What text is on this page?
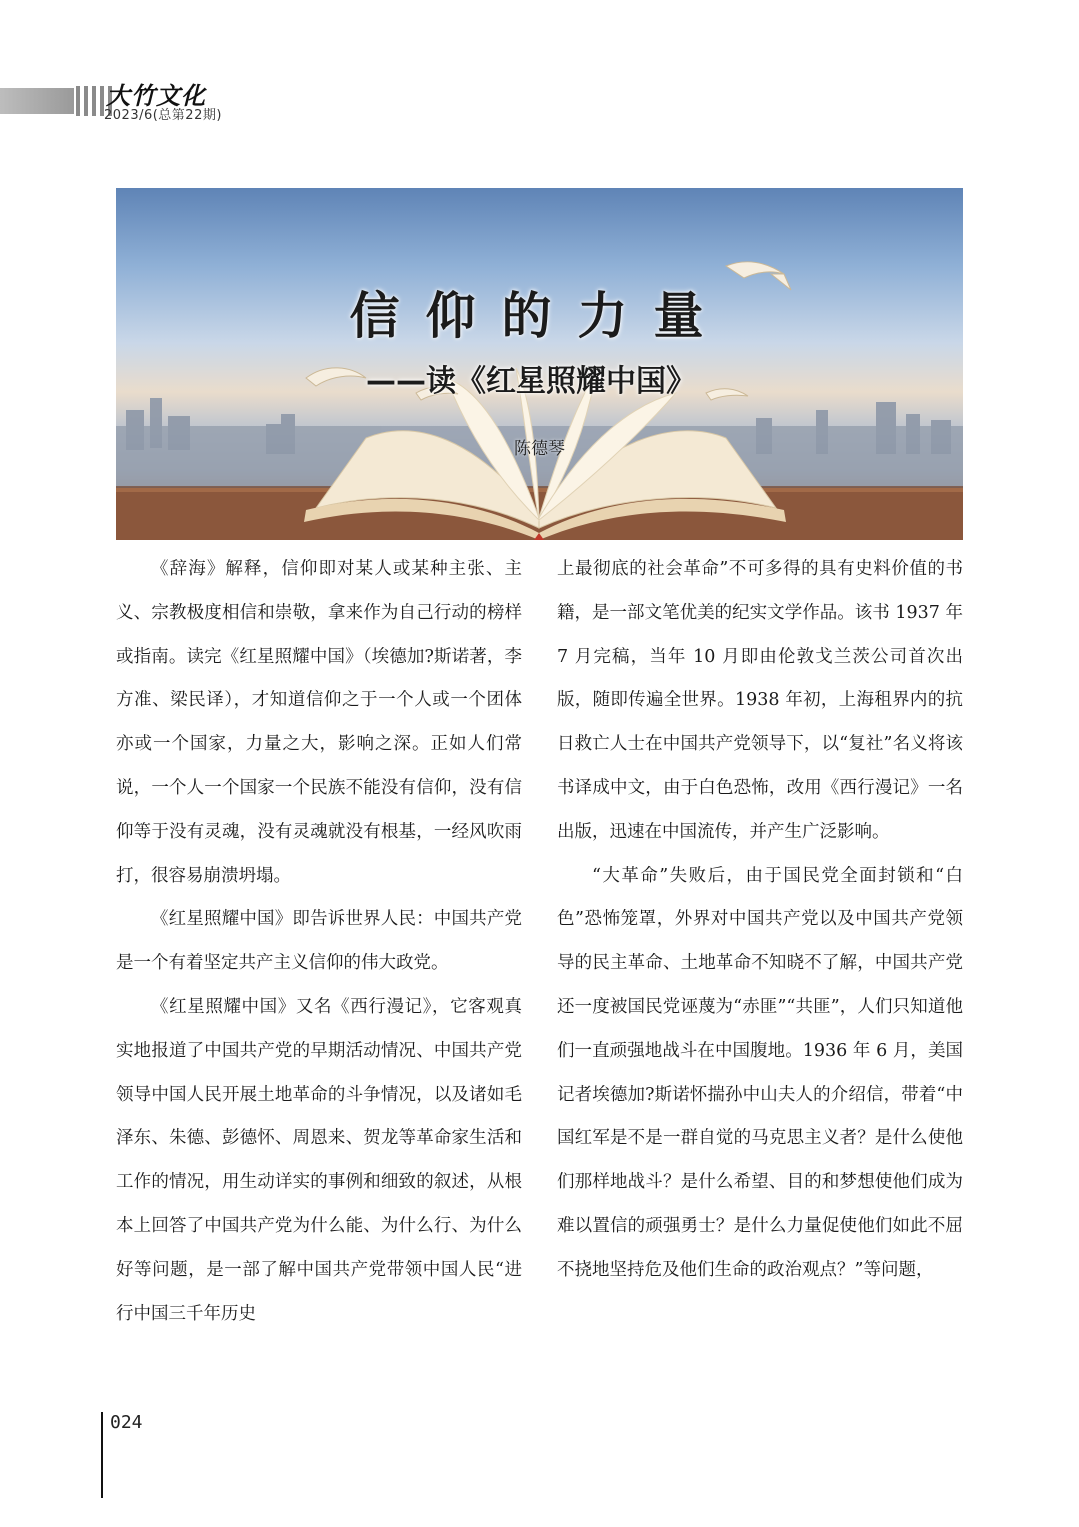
大竹文化
2023/6(总第22期)
信仰的力量
——读《红星照耀中国》
陈德琴

《辞海》解释，信仰即对某人或某种主张、主义、宗教极度相信和崇敬，拿来作为自己行动的榜样或指南。读完《红星照耀中国》（埃德加?斯诺著，李方准、梁民译），才知道信仰之于一个人或一个团体亦或一个国家，力量之大，影响之深。正如人们常说，一个人一个国家一个民族不能没有信仰，没有信仰等于没有灵魂，没有灵魂就没有根基，一经风吹雨打，很容易崩溃坍塌。

《红星照耀中国》即告诉世界人民：中国共产党是一个有着坚定共产主义信仰的伟大政党。

《红星照耀中国》又名《西行漫记》，它客观真实地报道了中国共产党的早期活动情况、中国共产党领导中国人民开展土地革命的斗争情况，以及诸如毛泽东、朱德、彭德怀、周恩来、贺龙等革命家生活和工作的情况，用生动详实的事例和细致的叙述，从根本上回答了中国共产党为什么能、为什么行、为什么好等问题，是一部了解中国共产党带领中国人民“进行中国三千年历史

上最彻底的社会革命”不可多得的具有史料价值的书籍，是一部文笔优美的纪实文学作品。该书 1937 年 7 月完稿，当年 10 月即由伦敦戈兰茨公司首次出版，随即传遍全世界。1938 年初，上海租界内的抗日救亡人士在中国共产党领导下，以“复社”名义将该书译成中文，由于白色恐怖，改用《西行漫记》一名出版，迅速在中国流传，并产生广泛影响。

“大革命”失败后，由于国民党全面封锁和“白色”恐怖笼罩，外界对中国共产党以及中国共产党领导的民主革命、土地革命不知晓不了解，中国共产党还一度被国民党诬蔑为“赤匪”“共匪”，人们只知道他们一直顽强地战斗在中国腹地。1936 年 6 月，美国记者埃德加?斯诺怀揣孙中山夫人的介绍信，带着“中国红军是不是一群自觉的马克思主义者？是什么使他们那样地战斗？是什么希望、目的和梦想使他们成为难以置信的顽强勇士？是什么力量促使他们如此不屈不挠地坚持危及他们生命的政治观点？”等问题，

024
